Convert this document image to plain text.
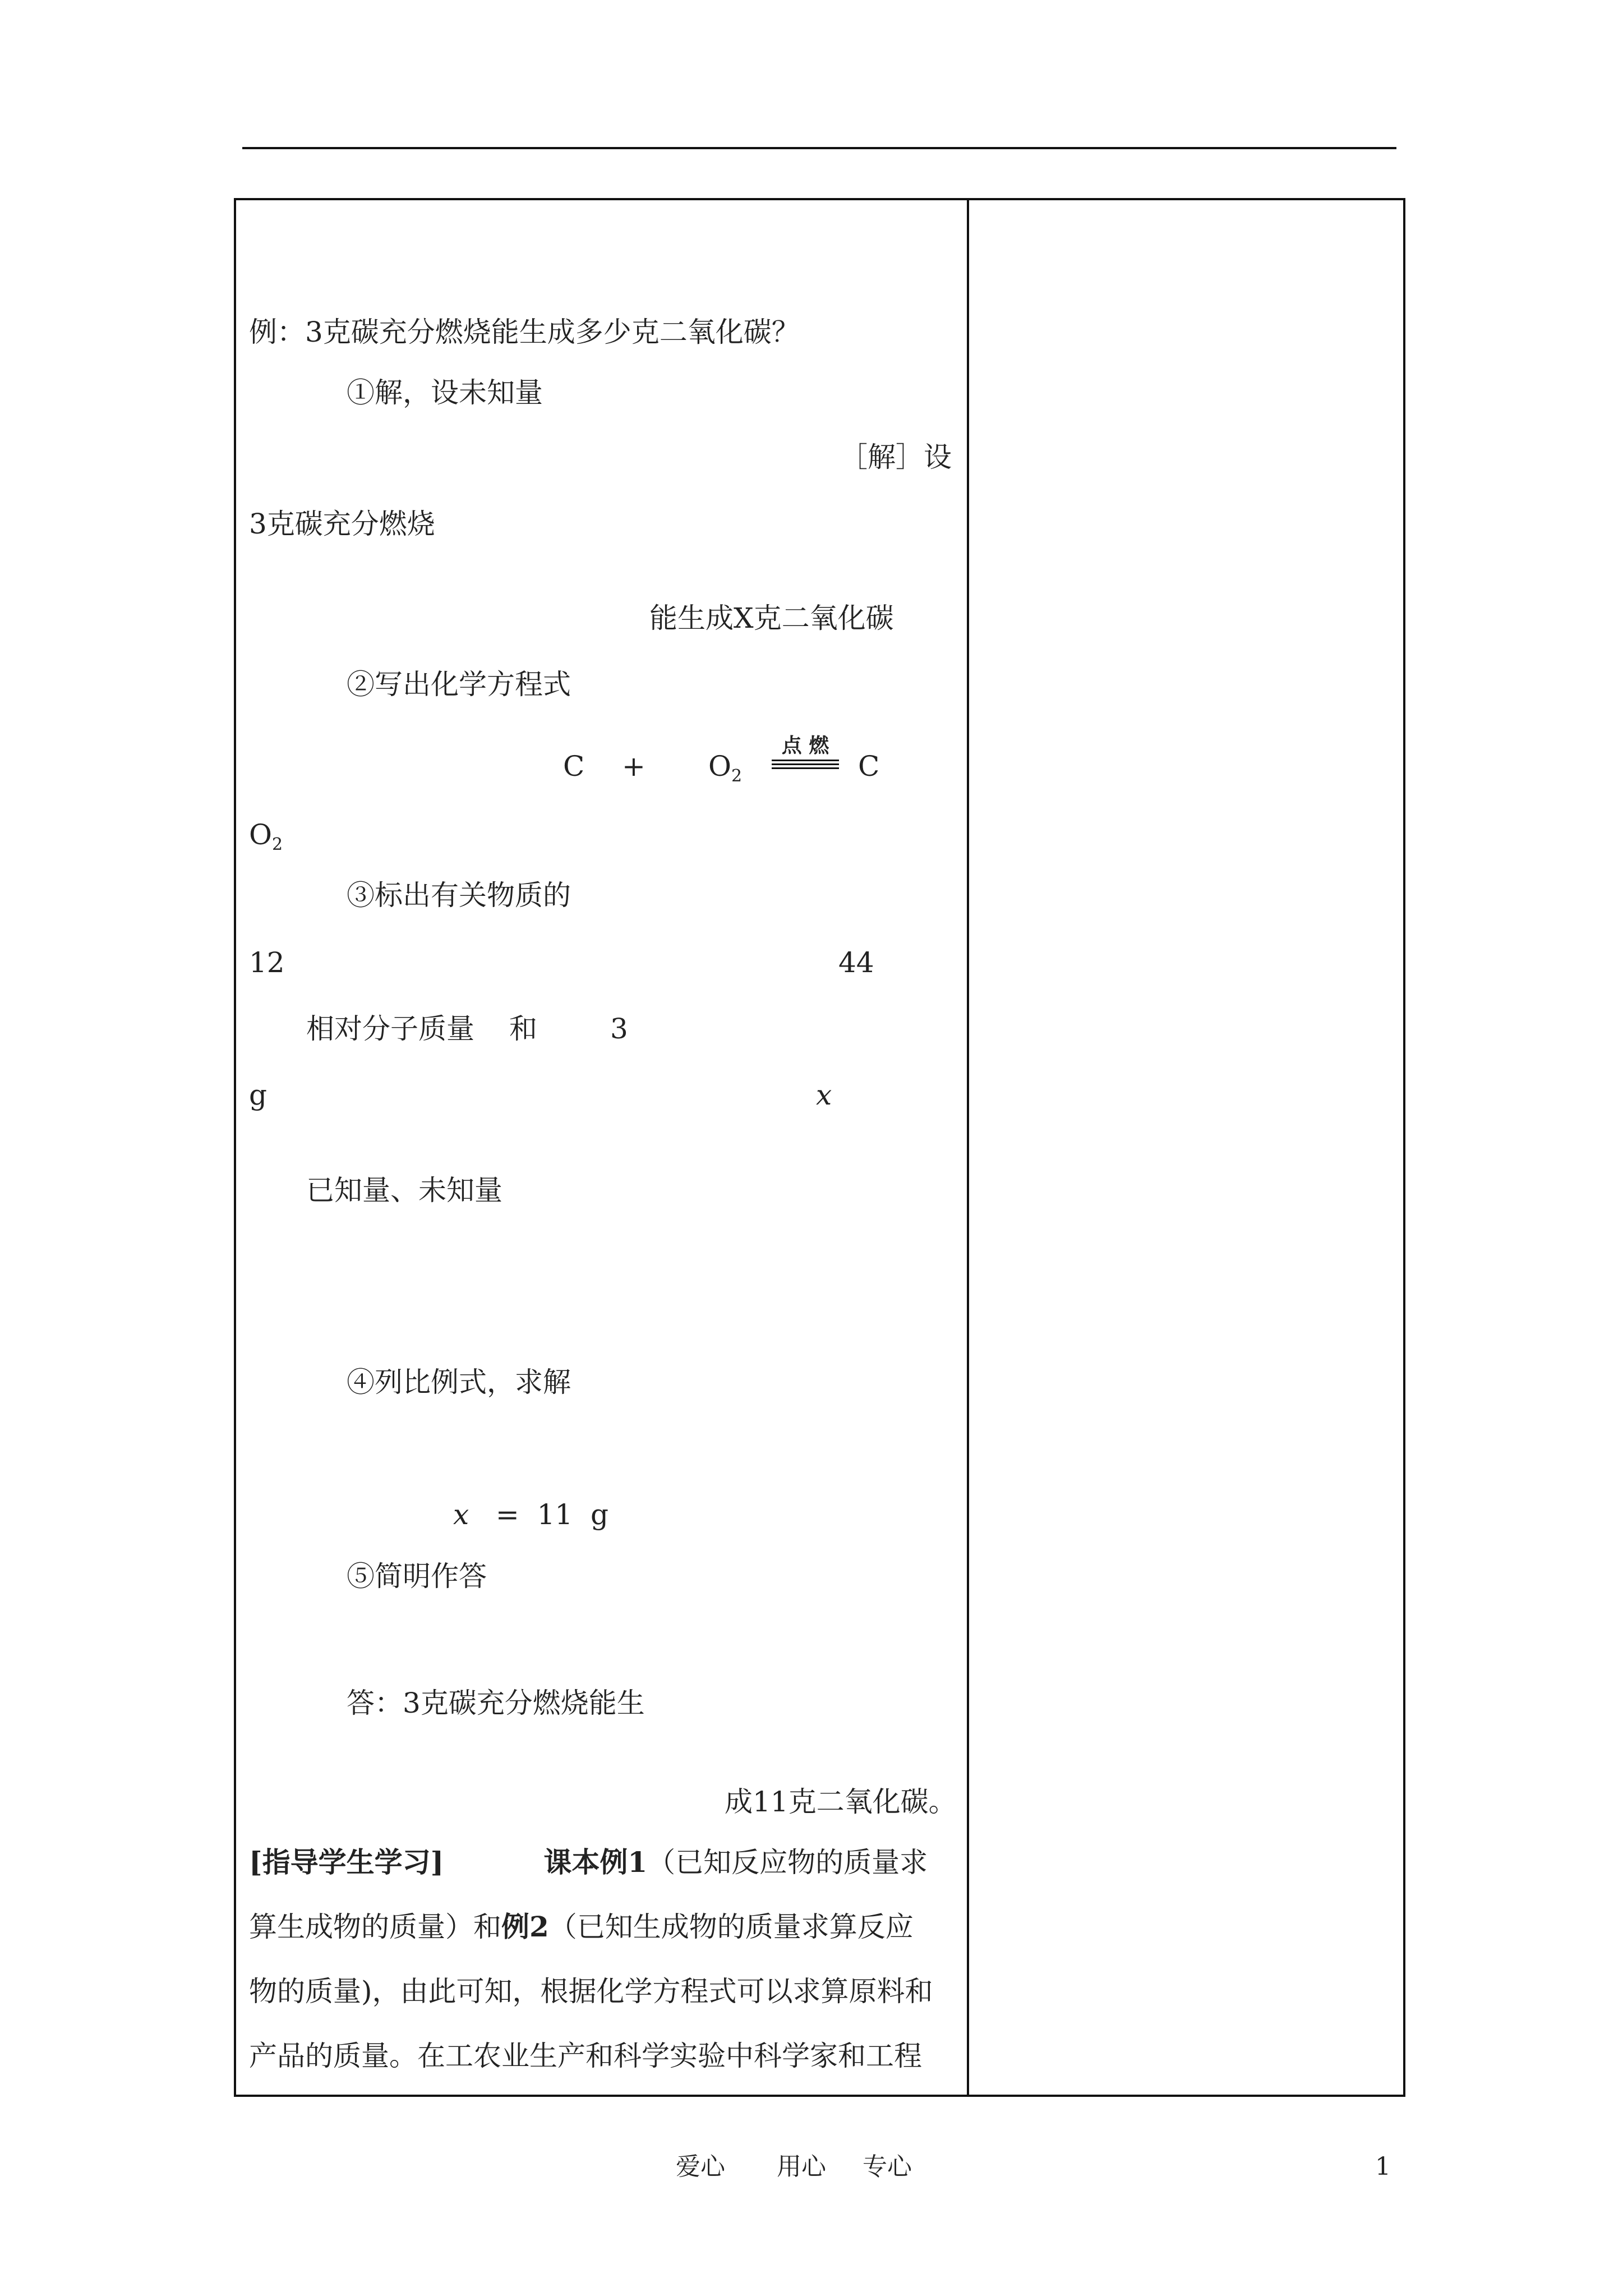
例：3克碳充分燃烧能生成多少克二氧化碳？
①解，设未知量
［解］设
3克碳充分燃烧
能生成X克二氧化碳
②写出化学方程式
$C + O_2$
点 燃
C
$O_2$
③标出有关物质的
12	44
相对分子质量 和	3
g	x
已知量、未知量
④列比例式，求解
x = 11 g
⑤简明作答
答：3克碳充分燃烧能生
成11克二氧化碳。
[指导学生学习]	课本例1（已知反应物的质量求
算生成物的质量）和例2（已知生成物的质量求算反应
物的质量)，由此可知，根据化学方程式可以求算原料和
产品的质量。在工农业生产和科学实验中科学家和工程
爱心 用心 专心	1
